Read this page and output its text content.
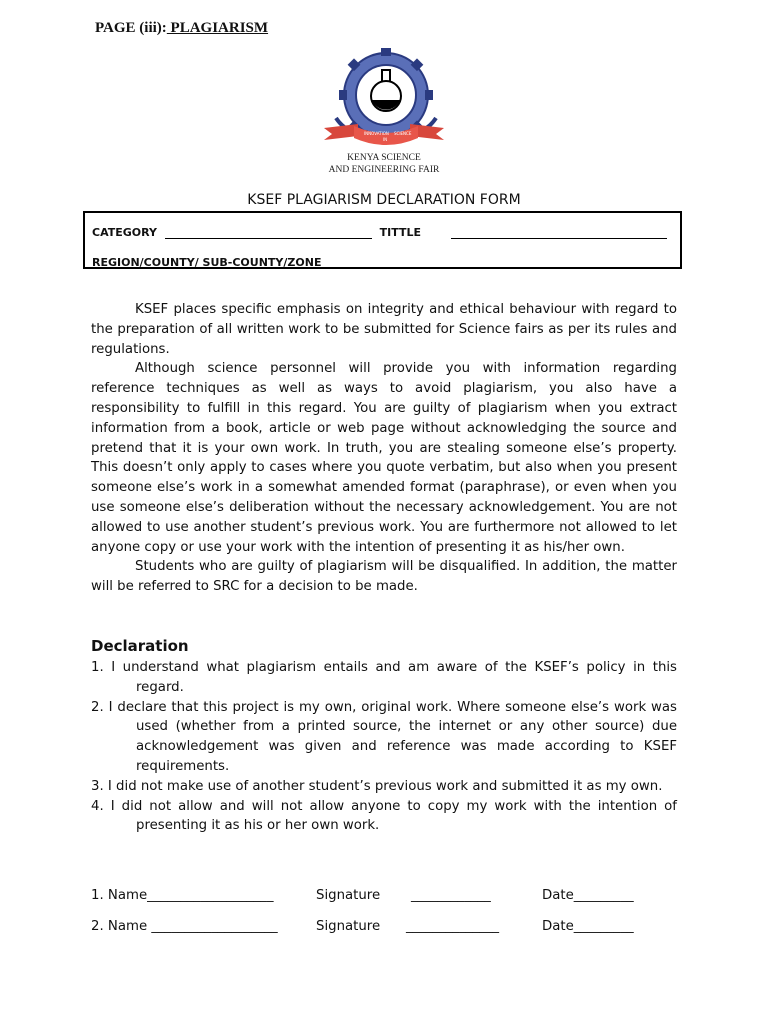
PAGE (iii): PLAGIARISM
INNOVATION
IN
SCIENCE
KENYA SCIENCE
AND ENGINEERING FAIR
KSEF PLAGIARISM DECLARATION FORM
CATEGORY	TITTLE
REGION/COUNTY/ SUB-COUNTY/ZONE

KSEF places specific emphasis on integrity and ethical behaviour with regard to the preparation of all written work to be submitted for Science fairs as per its rules and regulations.

Although science personnel will provide you with information regarding reference techniques as well as ways to avoid plagiarism, you also have a responsibility to fulfill in this regard. You are guilty of plagiarism when you extract information from a book, article or web page without acknowledging the source and pretend that it is your own work. In truth, you are stealing someone else’s property. This doesn’t only apply to cases where you quote verbatim, but also when you present someone else’s work in a somewhat amended format (paraphrase), or even when you use someone else’s deliberation without the necessary acknowledgement. You are not allowed to use another student’s previous work. You are furthermore not allowed to let anyone copy or use your work with the intention of presenting it as his/her own.

Students who are guilty of plagiarism will be disqualified. In addition, the matter will be referred to SRC for a decision to be made.

Declaration
1. I understand what plagiarism entails and am aware of the KSEF’s policy in this regard.
2. I declare that this project is my own, original work. Where someone else’s work was used (whether from a printed source, the internet or any other source) due acknowledgement was given and reference was made according to KSEF requirements.
3. I did not make use of another student’s previous work and submitted it as my own.
4. I did not allow and will not allow anyone to copy my work with the intention of presenting it as his or her own work.
1. Name___________________	Signature ____________	Date_________
2. Name ___________________	Signature ______________	Date_________
